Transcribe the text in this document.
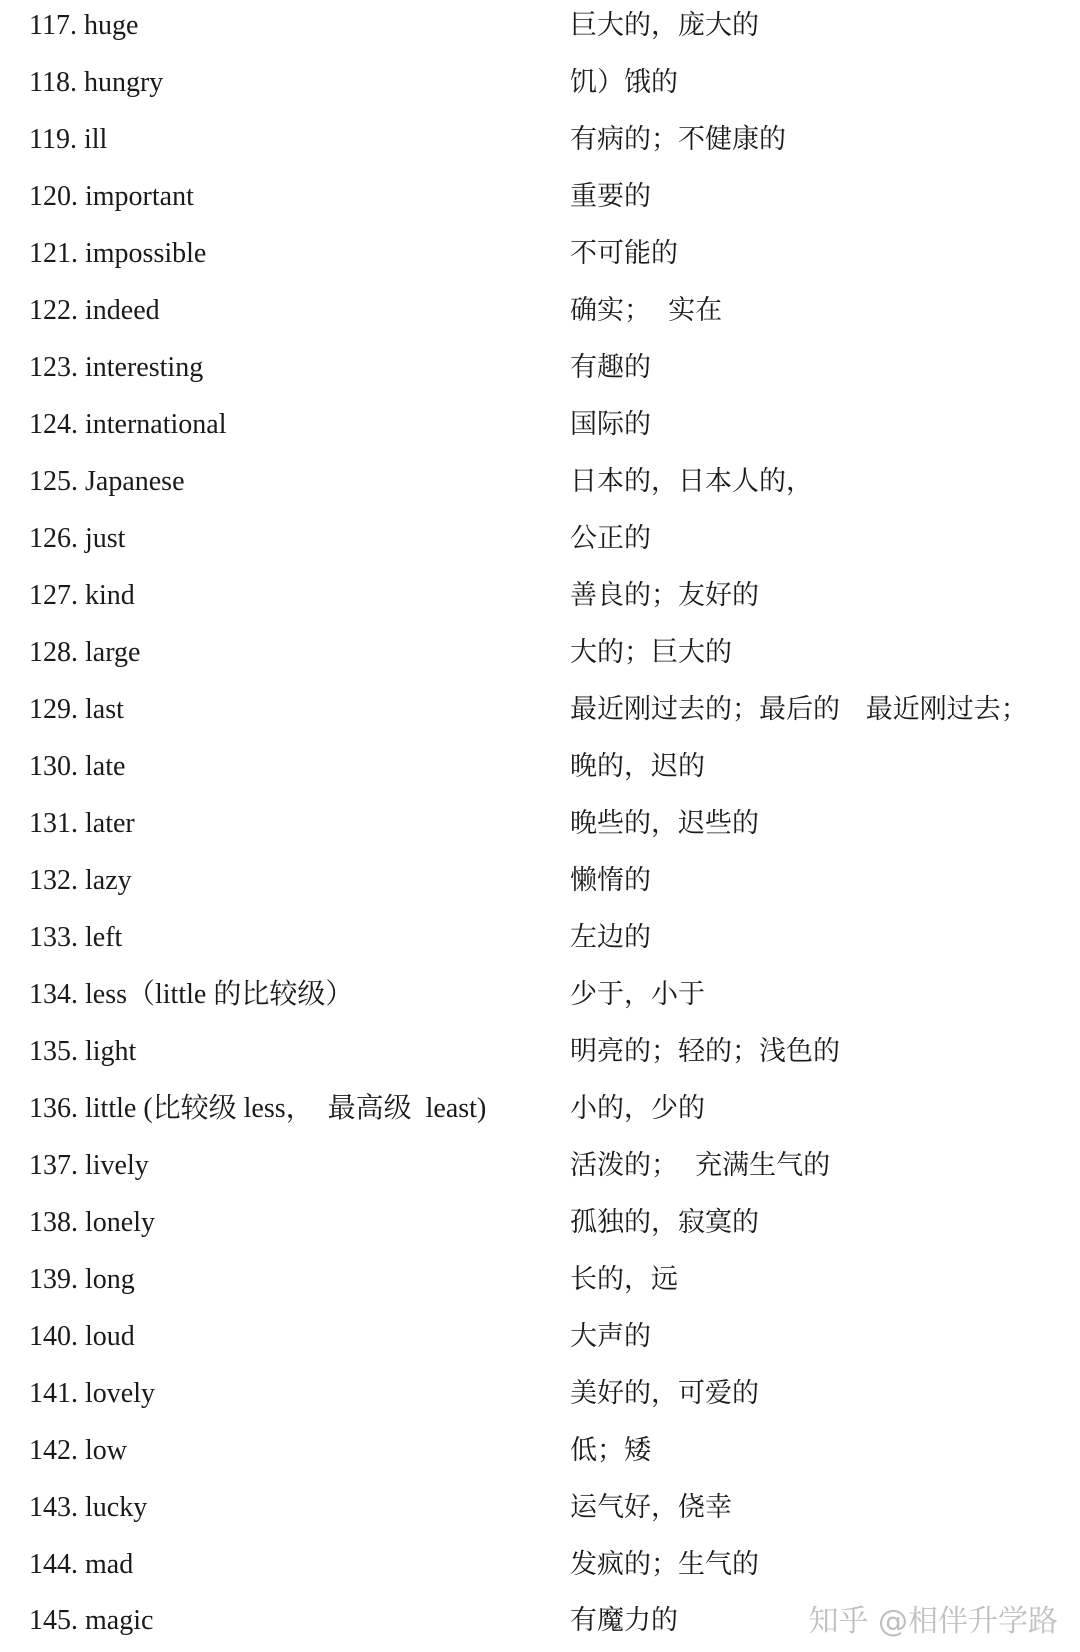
117. huge	巨大的，庞大的
118. hungry	饥）饿的
119. ill	有病的；不健康的
120. important	重要的
121. impossible	不可能的
122. indeed	确实；  实在
123. interesting	有趣的
124. international	国际的
125. Japanese	日本的，日本人的，
126. just	公正的
127. kind	善良的；友好的
128. large	大的；巨大的
129. last	最近刚过去的；最后的   最近刚过去；
130. late	晚的，迟的
131. later	晚些的，迟些的
132. lazy	懒惰的
133. left	左边的
134. less（little 的比较级）	少于，小于
135. light	明亮的；轻的；浅色的
136. little (比较级 less，  最高级  least)	小的，少的
137. lively	活泼的；  充满生气的
138. lonely	孤独的，寂寞的
139. long	长的，远
140. loud	大声的
141. lovely	美好的，可爱的
142. low	低；矮
143. lucky	运气好，侥幸
144. mad	发疯的；生气的
145. magic	有魔力的	知乎 @相伴升学路
